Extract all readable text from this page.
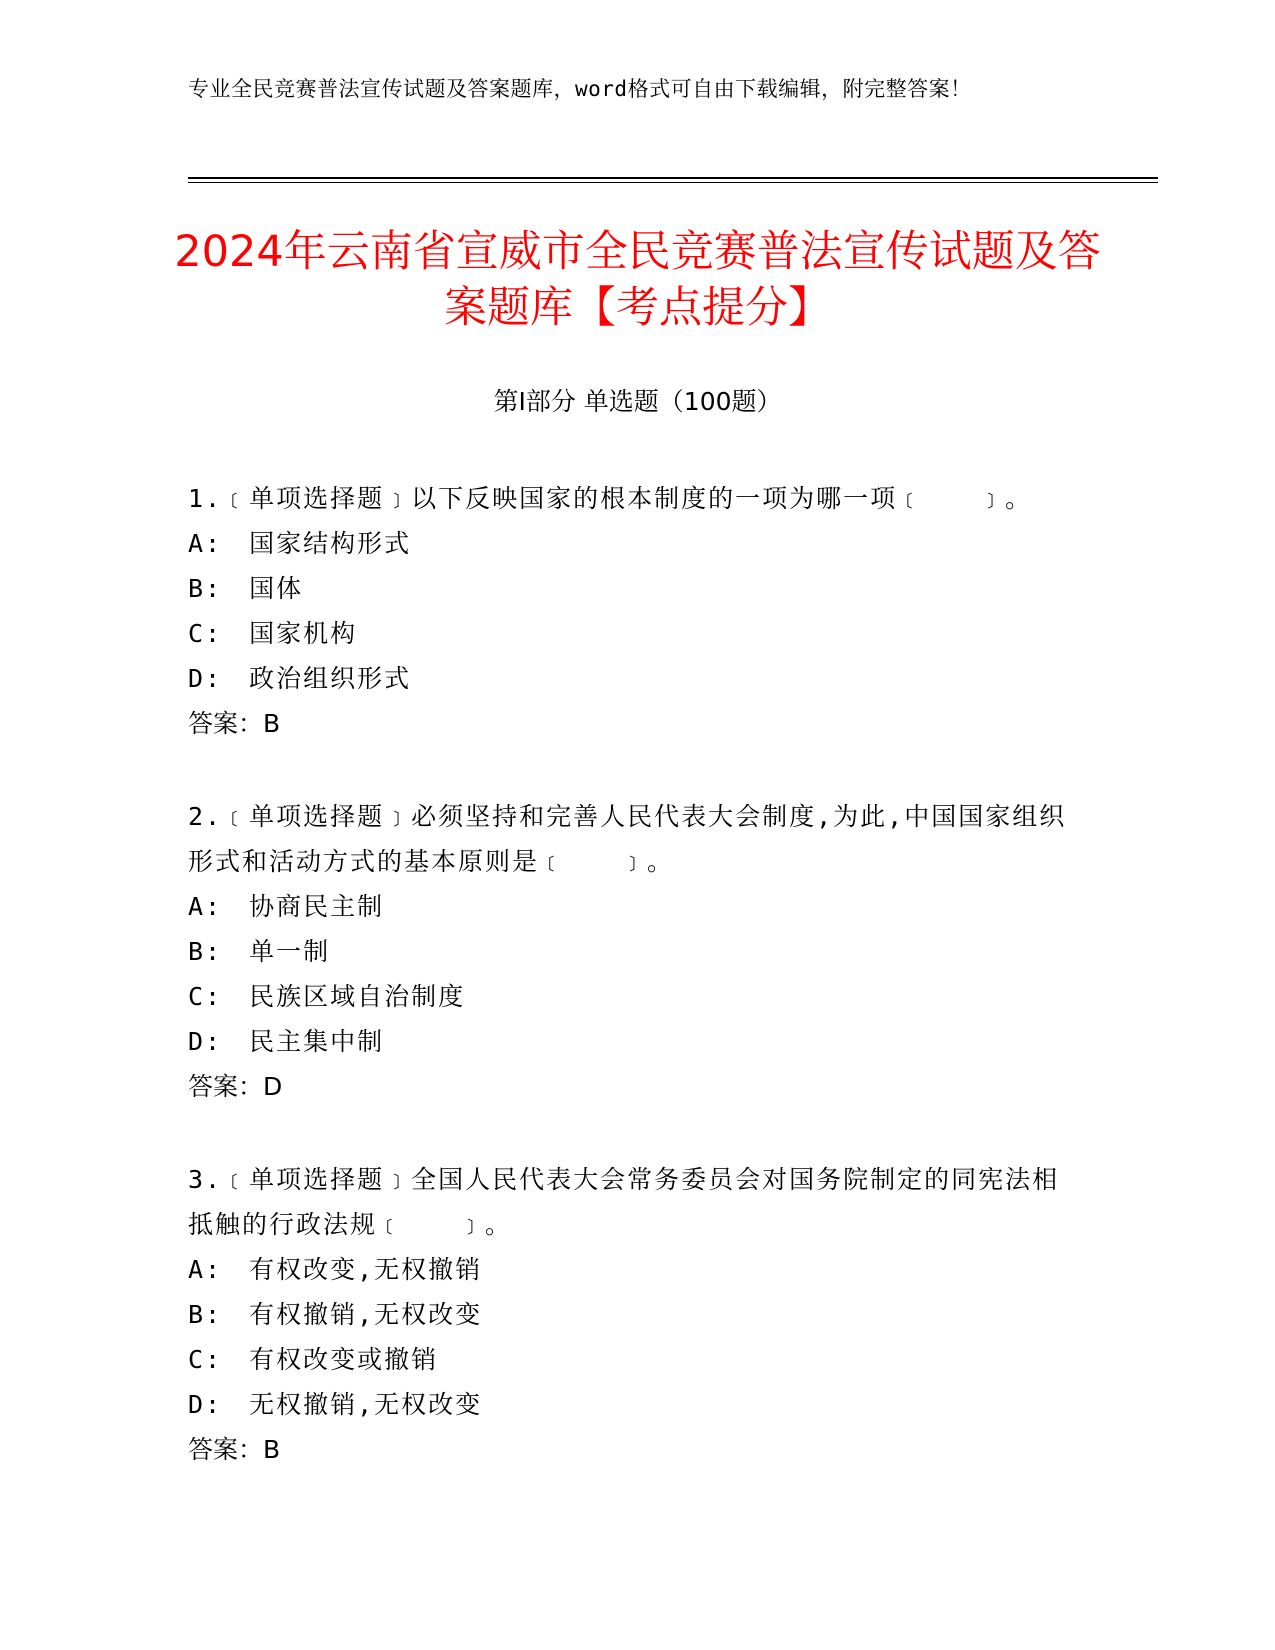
专业全民竞赛普法宣传试题及答案题库，word格式可自由下载编辑，附完整答案！
2024年云南省宣威市全民竞赛普法宣传试题及答案题库【考点提分】
第I部分 单选题（100题）

1.﹝单项选择题﹞以下反映国家的根本制度的一项为哪一项﹝　　﹞。

A:　国家结构形式

B:　国体

C:　国家机构

D:　政治组织形式

答案：B

2.﹝单项选择题﹞必须坚持和完善人民代表大会制度,为此,中国国家组织形式和活动方式的基本原则是﹝　　﹞。

A:　协商民主制

B:　单一制

C:　民族区域自治制度

D:　民主集中制

答案：D

3.﹝单项选择题﹞全国人民代表大会常务委员会对国务院制定的同宪法相抵触的行政法规﹝　　﹞。

A:　有权改变,无权撤销

B:　有权撤销,无权改变

C:　有权改变或撤销

D:　无权撤销,无权改变

答案：B
